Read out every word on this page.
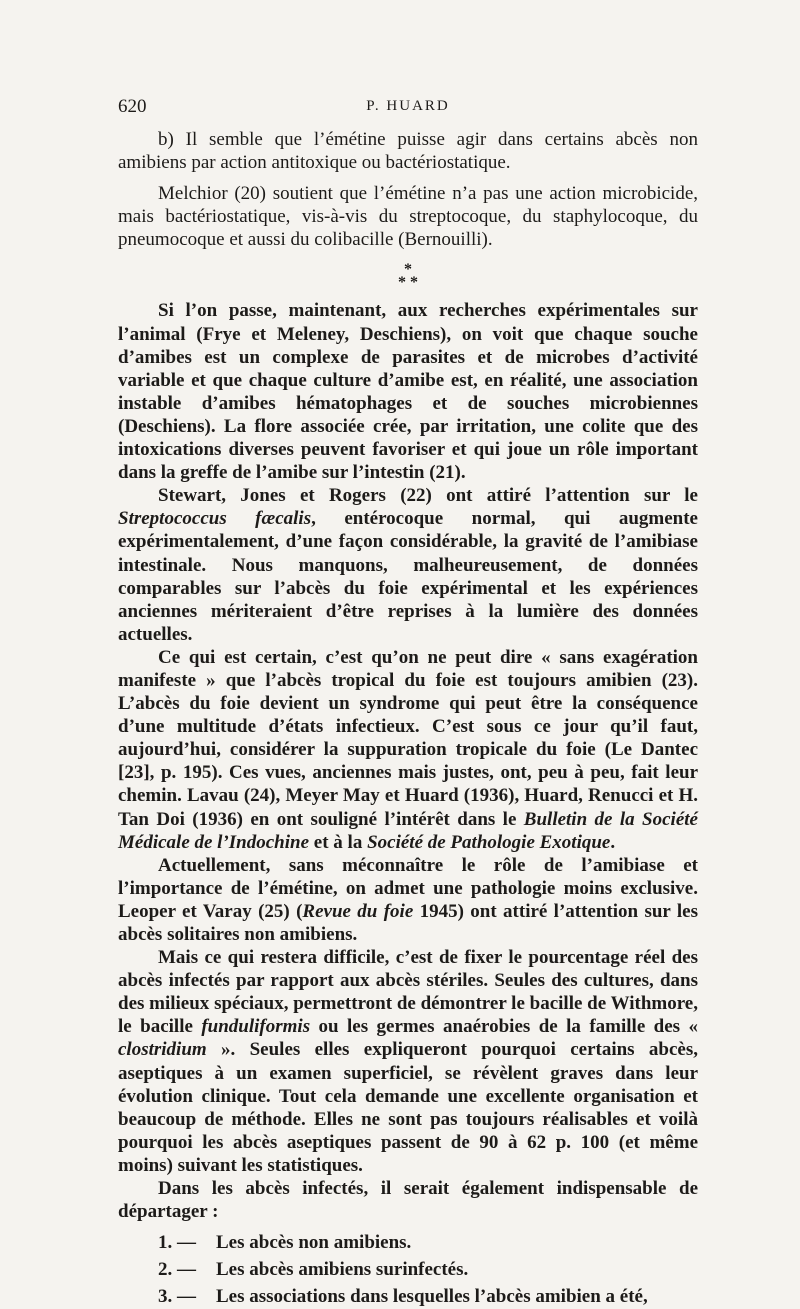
620	P. HUARD

b) Il semble que l’émétine puisse agir dans certains abcès non amibiens par action antitoxique ou bactériostatique.

Melchior (20) soutient que l’émétine n’a pas une action microbicide, mais bactériostatique, vis-à-vis du streptocoque, du staphylocoque, du pneumocoque et aussi du colibacille (Bernouilli).

*
* *

Si l’on passe, maintenant, aux recherches expérimentales sur l’animal (Frye et Meleney, Deschiens), on voit que chaque souche d’amibes est un complexe de parasites et de microbes d’activité variable et que chaque culture d’amibe est, en réalité, une association instable d’amibes hématophages et de souches microbiennes (Deschiens). La flore associée crée, par irritation, une colite que des intoxications diverses peuvent favoriser et qui joue un rôle important dans la greffe de l’amibe sur l’intestin (21).

Stewart, Jones et Rogers (22) ont attiré l’attention sur le Streptococcus fæcalis, entérocoque normal, qui augmente expérimentalement, d’une façon considérable, la gravité de l’amibiase intestinale. Nous manquons, malheureusement, de données comparables sur l’abcès du foie expérimental et les expériences anciennes mériteraient d’être reprises à la lumière des données actuelles.

Ce qui est certain, c’est qu’on ne peut dire « sans exagération manifeste » que l’abcès tropical du foie est toujours amibien (23). L’abcès du foie devient un syndrome qui peut être la conséquence d’une multitude d’états infectieux. C’est sous ce jour qu’il faut, aujourd’hui, considérer la suppuration tropicale du foie (Le Dantec [23], p. 195). Ces vues, anciennes mais justes, ont, peu à peu, fait leur chemin. Lavau (24), Meyer May et Huard (1936), Huard, Renucci et H. Tan Doi (1936) en ont souligné l’intérêt dans le Bulletin de la Société Médicale de l’Indochine et à la Société de Pathologie Exotique.

Actuellement, sans méconnaître le rôle de l’amibiase et l’importance de l’émétine, on admet une pathologie moins exclusive. Leoper et Varay (25) (Revue du foie 1945) ont attiré l’attention sur les abcès solitaires non amibiens.

Mais ce qui restera difficile, c’est de fixer le pourcentage réel des abcès infectés par rapport aux abcès stériles. Seules des cultures, dans des milieux spéciaux, permettront de démontrer le bacille de Withmore, le bacille funduliformis ou les germes anaérobies de la famille des « clostridium ». Seules elles expliqueront pourquoi certains abcès, aseptiques à un examen superficiel, se révèlent graves dans leur évolution clinique. Tout cela demande une excellente organisation et beaucoup de méthode. Elles ne sont pas toujours réalisables et voilà pourquoi les abcès aseptiques passent de 90 à 62 p. 100 (et même moins) suivant les statistiques.

Dans les abcès infectés, il serait également indispensable de départager :

1. — Les abcès non amibiens.
2. — Les abcès amibiens surinfectés.
3. — Les associations dans lesquelles l’abcès amibien a été,
